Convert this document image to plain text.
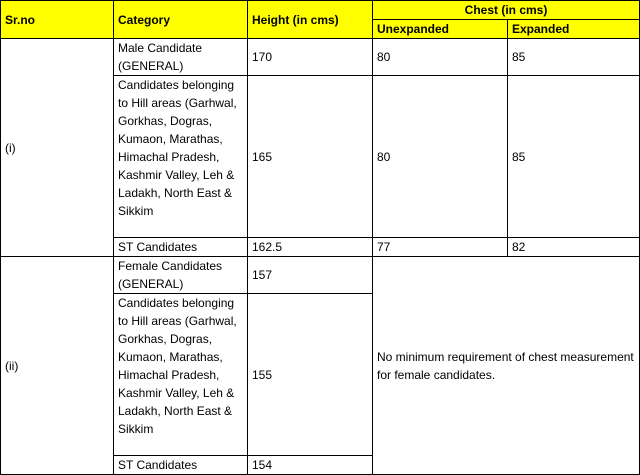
Sr.no	Category	Height (in cms)	Chest (in cms)	
			Unexpanded	Expanded
(i)	Male Candidate (GENERAL)	170	80	85
	Candidates belonging to Hill areas (Garhwal, Gorkhas, Dogras, Kumaon, Marathas, Himachal Pradesh, Kashmir Valley, Leh & Ladakh, North East & Sikkim	165	80	85
	ST Candidates	162.5	77	82
(ii)	Female Candidates (GENERAL)	157	No minimum requirement of chest measurement for female candidates.	
	Candidates belonging to Hill areas (Garhwal, Gorkhas, Dogras, Kumaon, Marathas, Himachal Pradesh, Kashmir Valley, Leh & Ladakh, North East & Sikkim	155		
	ST Candidates	154		
